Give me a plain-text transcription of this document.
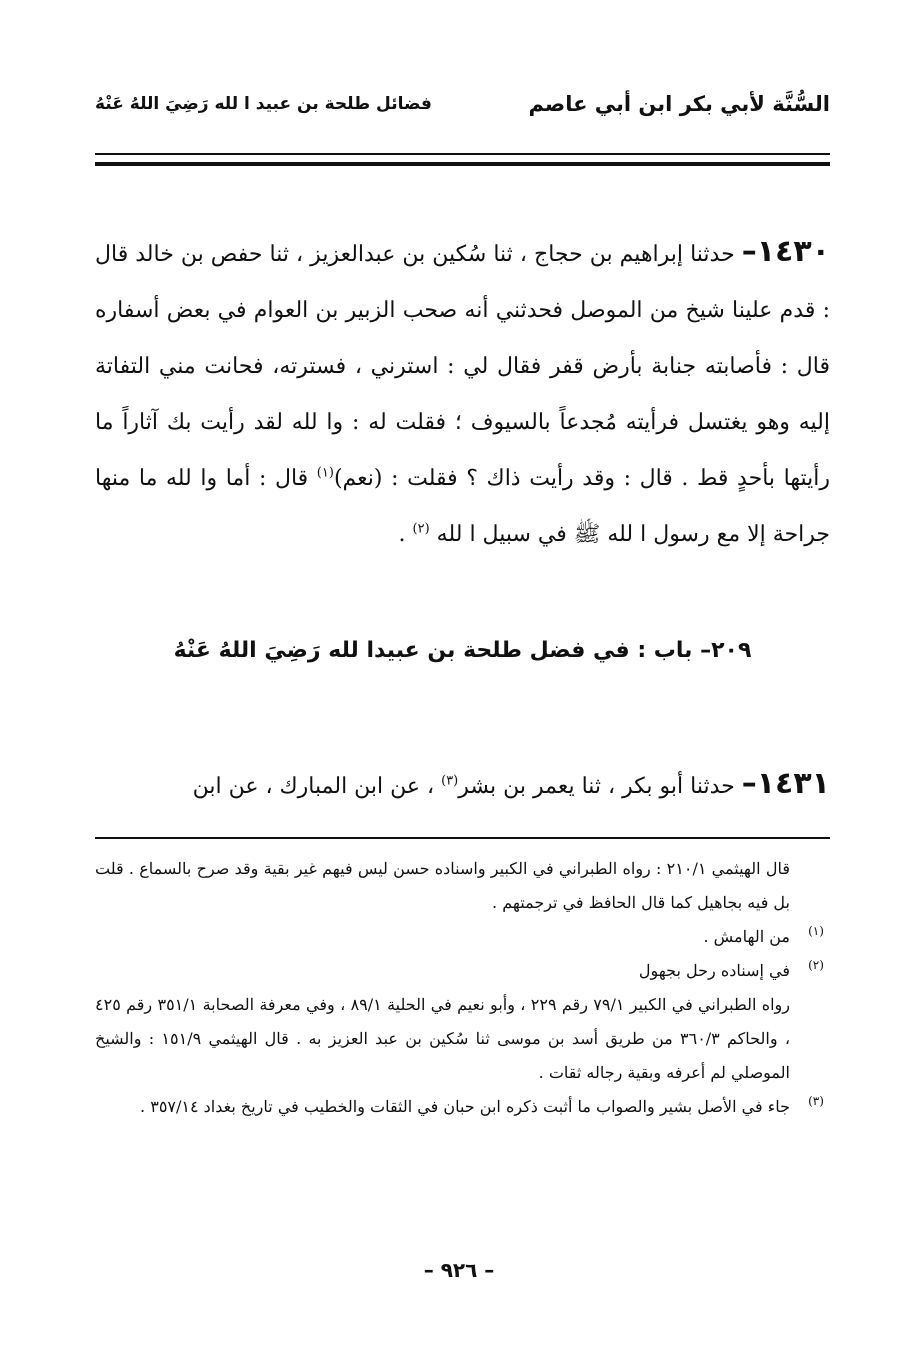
السُّنَّة لأبي بكر ابن أبي عاصم
فضائل طلحة بن عبيد ا لله رَضِيَ اللهُ عَنْهُ

١٤٣٠– حدثنا إبراهيم بن حجاج ، ثنا سُكين بن عبدالعزيز ، ثنا حفص بن خالد قال : قدم علينا شيخ من الموصل فحدثني أنه صحب الزبير بن العوام في بعض أسفاره قال : فأصابته جنابة بأرض قفر فقال لي : استرني ، فسترته، فحانت مني التفاتة إليه وهو يغتسل فرأيته مُجدعاً بالسيوف ؛ فقلت له : وا لله لقد رأيت بك آثاراً ما رأيتها بأحدٍ قط . قال : وقد رأيت ذاك ؟ فقلت : (نعم)$^{(١)}$ قال : أما وا لله ما منها جراحة إلا مع رسول ا لله ﷺ في سبيل ا لله $^{(٢)}$ .

٢٠٩– باب : في فضل طلحة بن عبيدا لله رَضِيَ اللهُ عَنْهُ
١٤٣١– حدثنا أبو بكر ، ثنا يعمر بن بشر$^{(٣)}$ ، عن ابن المبارك ، عن ابن

قال الهيثمي ٢١٠/١ : رواه الطبراني في الكبير واسناده حسن ليس فيهم غير بقية وقد صرح بالسماع . قلت بل فيه بجاهيل كما قال الحافظ في ترجمتهم .

(١)
من الهامش .
(٢)
في إسناده رحل بجهول

رواه الطبراني في الكبير ٧٩/١ رقم ٢٢٩ ، وأبو نعيم في الحلية ٨٩/١ ، وفي معرفة الصحابة ٣٥١/١ رقم ٤٢٥ ، والحاكم ٣٦٠/٣ من طريق أسد بن موسى ثنا سُكين بن عبد العزيز به . قال الهيثمي ١٥١/٩ : والشيخ الموصلي لم أعرفه وبقية رجاله ثقات .

(٣)
جاء في الأصل بشير والصواب ما أثبت ذكره ابن حبان في الثقات والخطيب في تاريخ بغداد ٣٥٧/١٤ .
– ٩٢٦ –
